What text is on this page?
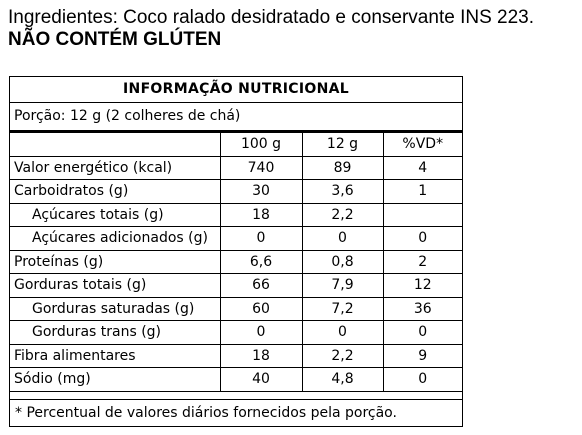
Ingredientes: Coco ralado desidratado e conservante INS 223.
NÃO CONTÉM GLÚTEN
INFORMAÇÃO NUTRICIONAL
Porção: 12 g (2 colheres de chá)
	100 g	12 g	%VD*
Valor energético (kcal)	740	89	4
Carboidratos (g)	30	3,6	1
Açúcares totais (g)	18	2,2	
Açúcares adicionados (g)	0	0	0
Proteínas (g)	6,6	0,8	2
Gorduras totais (g)	66	7,9	12
Gorduras saturadas (g)	60	7,2	36
Gorduras trans (g)	0	0	0
Fibra alimentares	18	2,2	9
Sódio (mg)	40	4,8	0
* Percentual de valores diários fornecidos pela porção.
